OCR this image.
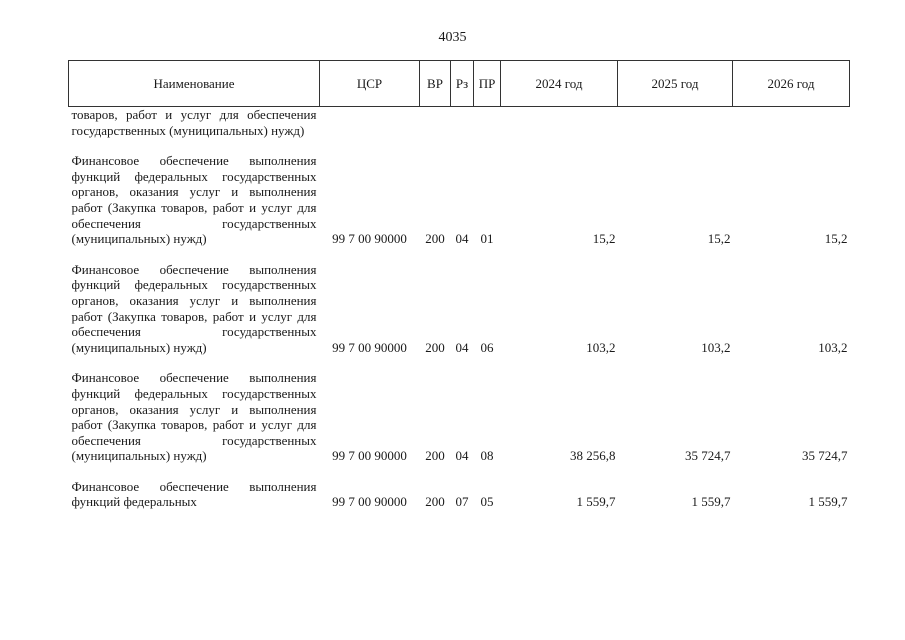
4035
Наименование	ЦСР	ВР	Рз	ПР	2024 год	2025 год	2026 год
товаров, работ и услуг для обеспечения государственных (муниципальных) нужд)							
Финансовое обеспечение выполнения функций федеральных государственных органов, оказания услуг и выполнения работ (Закупка товаров, работ и услуг для обеспечения государственных (муниципальных) нужд)	99 7 00 90000	200	04	01	15,2	15,2	15,2
Финансовое обеспечение выполнения функций федеральных государственных органов, оказания услуг и выполнения работ (Закупка товаров, работ и услуг для обеспечения государственных (муниципальных) нужд)	99 7 00 90000	200	04	06	103,2	103,2	103,2
Финансовое обеспечение выполнения функций федеральных государственных органов, оказания услуг и выполнения работ (Закупка товаров, работ и услуг для обеспечения государственных (муниципальных) нужд)	99 7 00 90000	200	04	08	38 256,8	35 724,7	35 724,7
Финансовое обеспечение выполнения функций федеральных	99 7 00 90000	200	07	05	1 559,7	1 559,7	1 559,7
